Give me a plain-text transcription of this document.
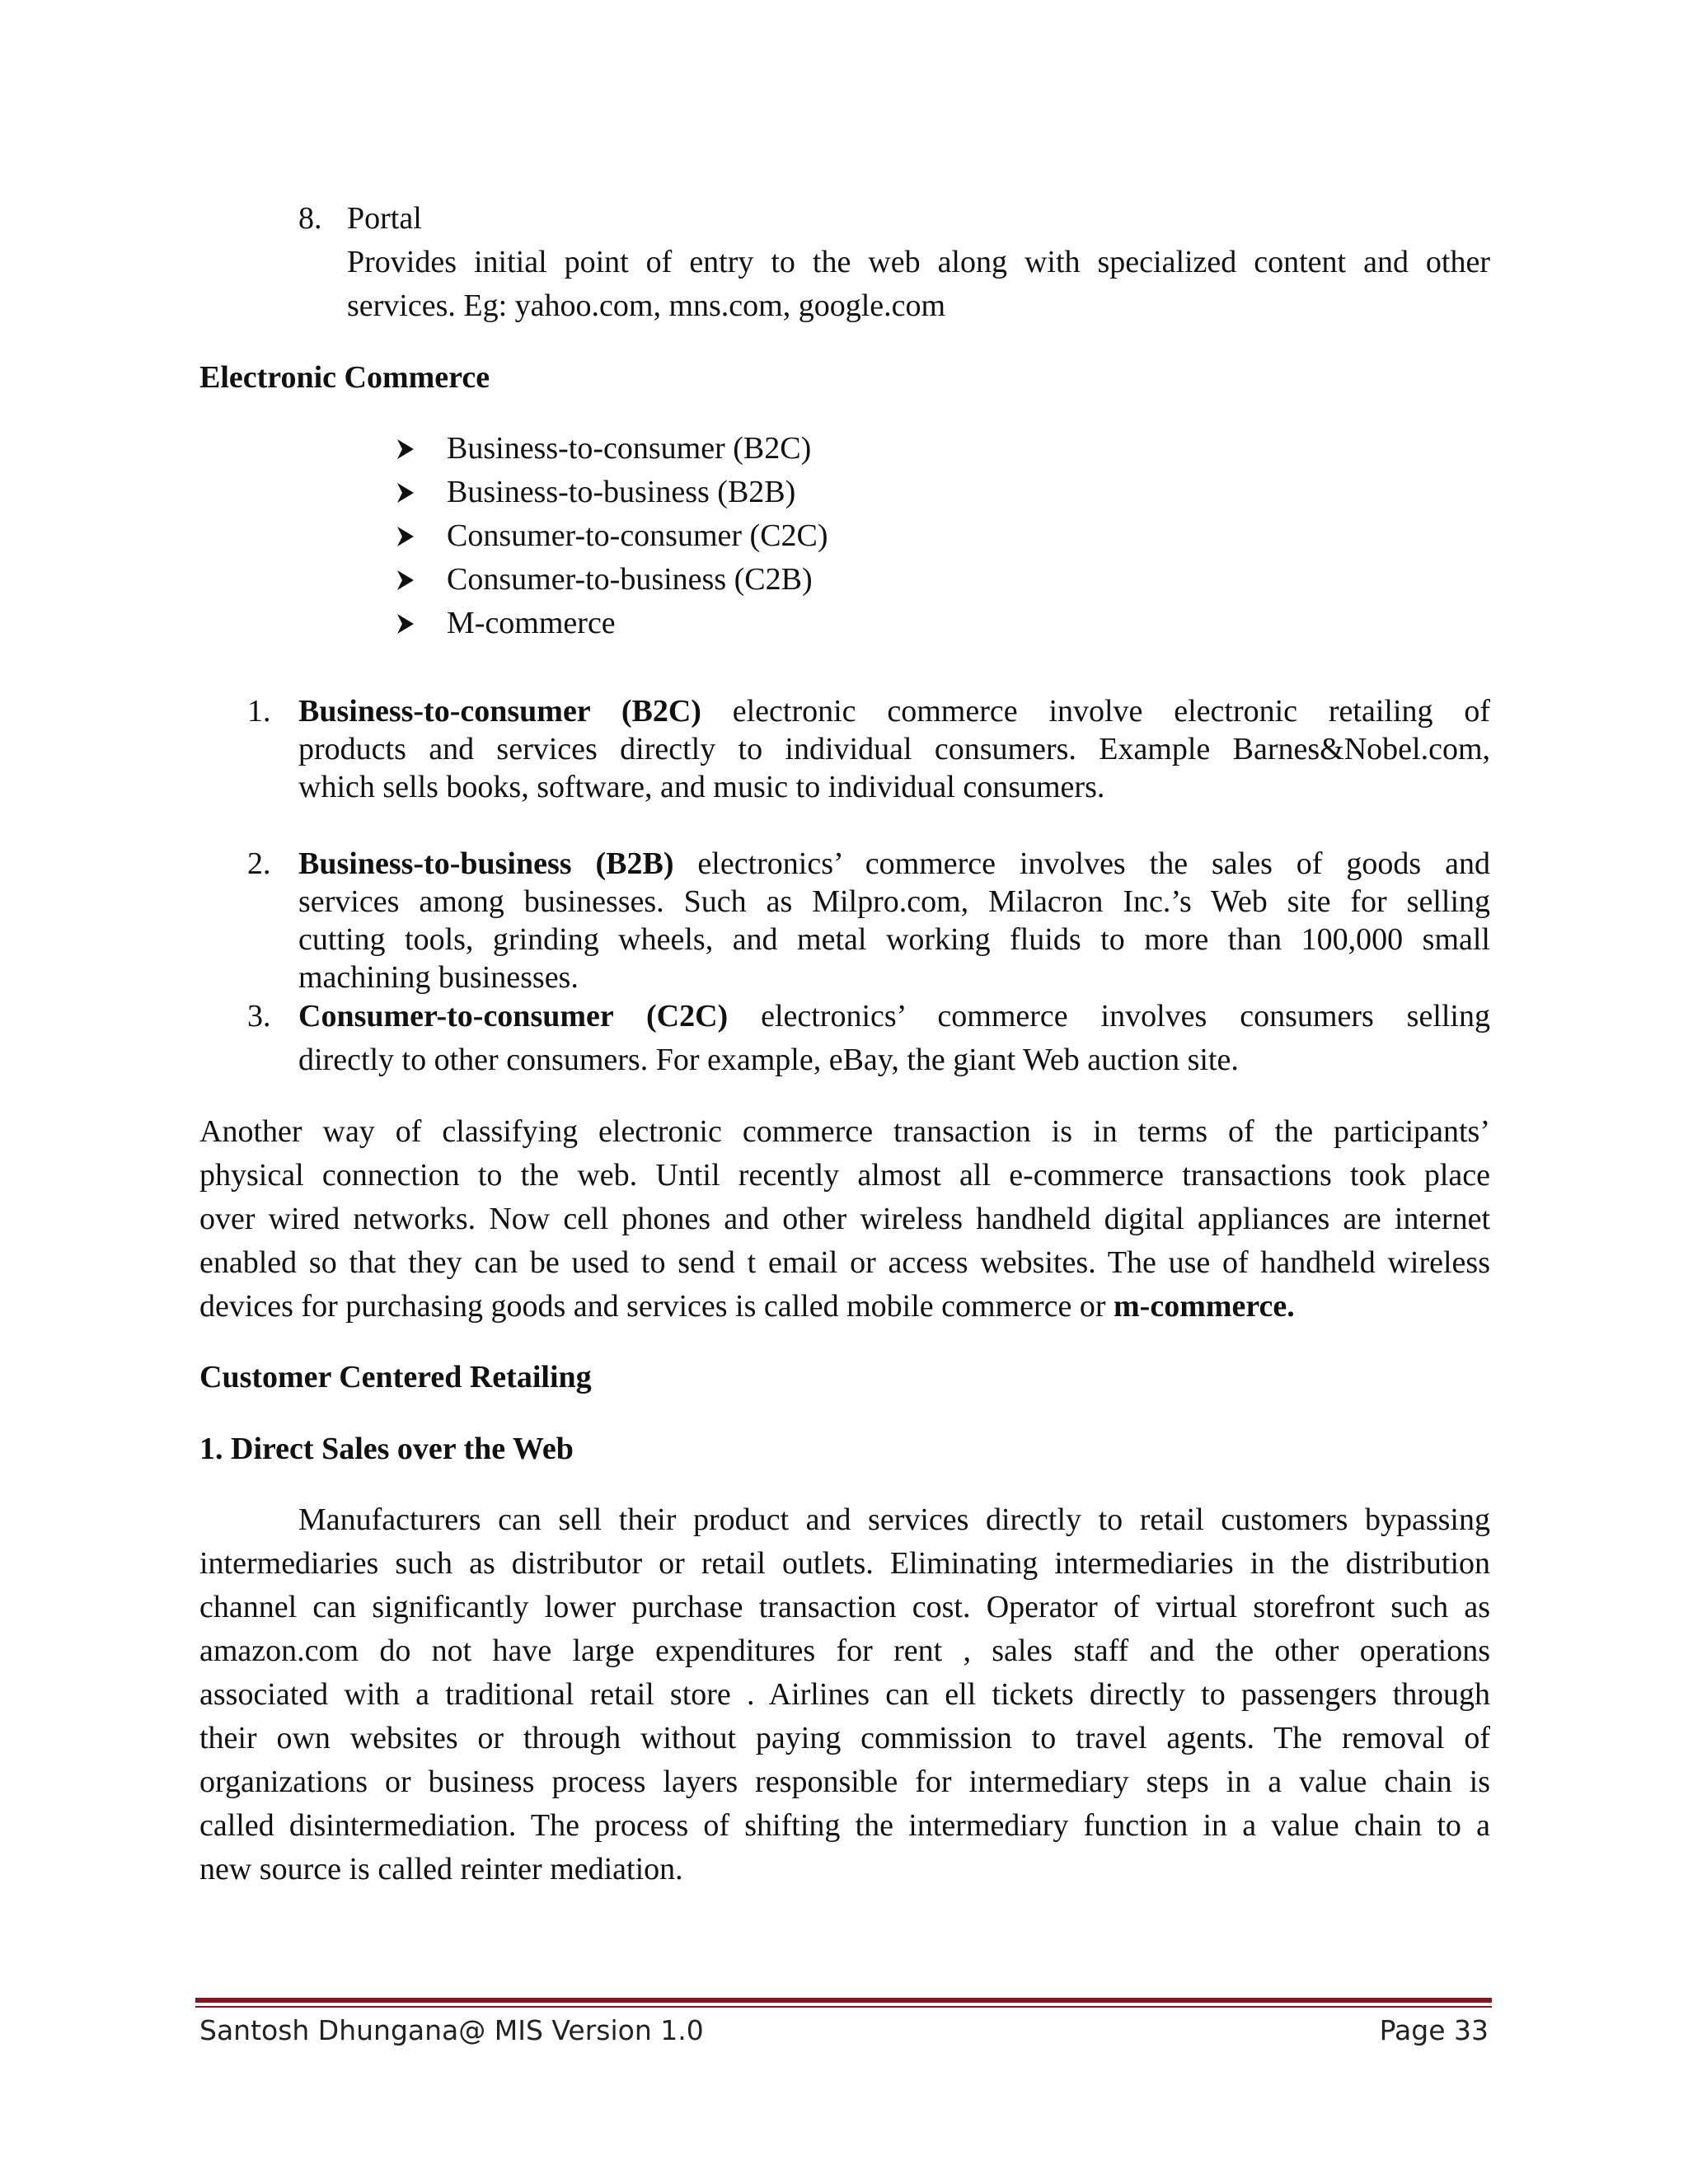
8. Portal
Provides initial point of entry to the web along with specialized content and other
services. Eg: yahoo.com, mns.com, google.com
Electronic Commerce
Business-to-consumer (B2C)
Business-to-business (B2B)
Consumer-to-consumer (C2C)
Consumer-to-business (C2B)
M-commerce
1. Business-to-consumer (B2C) electronic commerce involve electronic retailing of
products and services directly to individual consumers. Example Barnes&Nobel.com,
which sells books, software, and music to individual consumers.
2. Business-to-business (B2B) electronics’ commerce involves the sales of goods and
services among businesses. Such as Milpro.com, Milacron Inc.’s Web site for selling
cutting tools, grinding wheels, and metal working fluids to more than 100,000 small
machining businesses.
3. Consumer-to-consumer (C2C) electronics’ commerce involves consumers selling
directly to other consumers. For example, eBay, the giant Web auction site.
Another way of classifying electronic commerce transaction is in terms of the participants’
physical connection to the web. Until recently almost all e-commerce transactions took place
over wired networks. Now cell phones and other wireless handheld digital appliances are internet
enabled so that they can be used to send t email or access websites. The use of handheld wireless
devices for purchasing goods and services is called mobile commerce or m-commerce.
Customer Centered Retailing
1. Direct Sales over the Web
Manufacturers can sell their product and services directly to retail customers bypassing
intermediaries such as distributor or retail outlets. Eliminating intermediaries in the distribution
channel can significantly lower purchase transaction cost. Operator of virtual storefront such as
amazon.com do not have large expenditures for rent , sales staff and the other operations
associated with a traditional retail store . Airlines can ell tickets directly to passengers through
their own websites or through without paying commission to travel agents. The removal of
organizations or business process layers responsible for intermediary steps in a value chain is
called disintermediation. The process of shifting the intermediary function in a value chain to a
new source is called reinter mediation.
Santosh Dhungana@ MIS Version 1.0	Page 33
